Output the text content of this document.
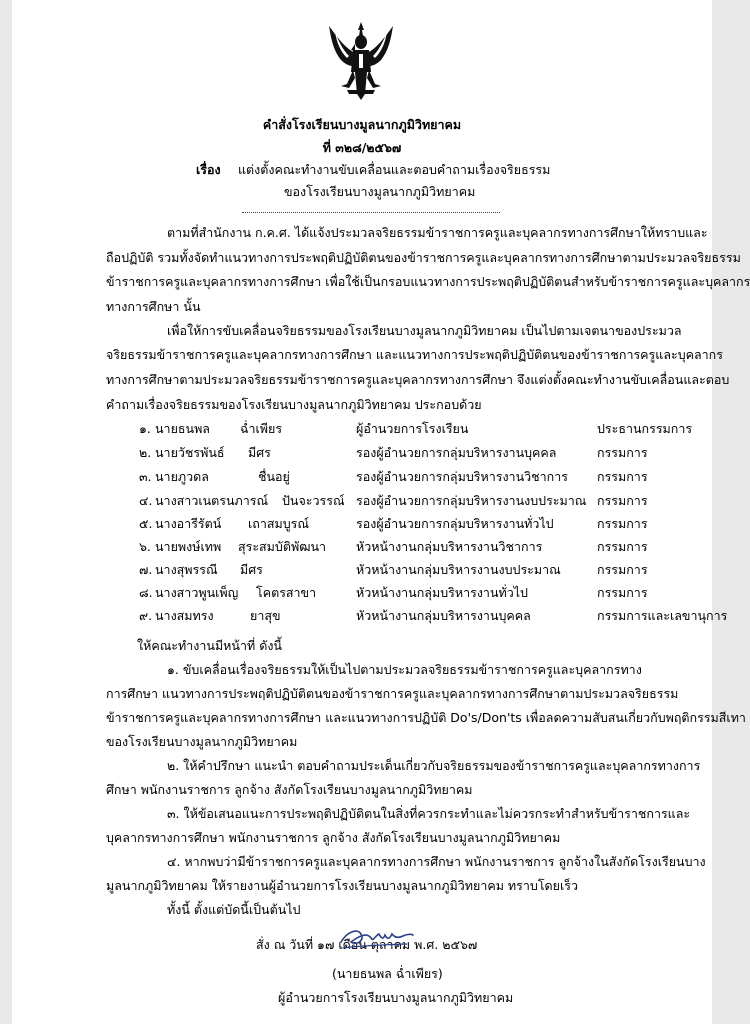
คำสั่งโรงเรียนบางมูลนากภูมิวิทยาคม
ที่ ๓๒๘/๒๕๖๗
เรื่อง แต่งตั้งคณะทำงานขับเคลื่อนและตอบคำถามเรื่องจริยธรรม
ของโรงเรียนบางมูลนากภูมิวิทยาคม
ตามที่สำนักงาน ก.ค.ศ. ได้แจ้งประมวลจริยธรรมข้าราชการครูและบุคลากรทางการศึกษาให้ทราบและ
ถือปฏิบัติ รวมทั้งจัดทำแนวทางการประพฤติปฏิบัติตนของข้าราชการครูและบุคลากรทางการศึกษาตามประมวลจริยธรรม
ข้าราชการครูและบุคลากรทางการศึกษา เพื่อใช้เป็นกรอบแนวทางการประพฤติปฏิบัติตนสำหรับข้าราชการครูและบุคลากร
ทางการศึกษา นั้น
เพื่อให้การขับเคลื่อนจริยธรรมของโรงเรียนบางมูลนากภูมิวิทยาคม เป็นไปตามเจตนาของประมวล
จริยธรรมข้าราชการครูและบุคลากรทางการศึกษา และแนวทางการประพฤติปฏิบัติตนของข้าราชการครูและบุคลากร
ทางการศึกษาตามประมวลจริยธรรมข้าราชการครูและบุคลากรทางการศึกษา จึงแต่งตั้งคณะทำงานขับเคลื่อนและตอบ
คำถามเรื่องจริยธรรมของโรงเรียนบางมูลนากภูมิวิทยาคม ประกอบด้วย
๑. นายธนพล ฉ่ำเพียร	ผู้อำนวยการโรงเรียน	ประธานกรรมการ
๒. นายวัชรพันธ์ มีศร	รองผู้อำนวยการกลุ่มบริหารงานบุคคล	กรรมการ
๓. นายภูวดล	ชื่นอยู่	รองผู้อำนวยการกลุ่มบริหารงานวิชาการ กรรมการ
๔. นางสาวเนตรนภารณ์ ปันจะวรรณ์ รองผู้อำนวยการกลุ่มบริหารงานงบประมาณ กรรมการ
๕. นางอารีรัตน์ เถาสมบูรณ์	รองผู้อำนวยการกลุ่มบริหารงานทั่วไป	กรรมการ
๖. นายพงษ์เทพ สุระสมบัติพัฒนา หัวหน้างานกลุ่มบริหารงานวิชาการ	กรรมการ
๗. นางสุพรรณี มีศร	หัวหน้างานกลุ่มบริหารงานงบประมาณ	กรรมการ
๘. นางสาวพูนเพ็ญ โคตรสาขา	หัวหน้างานกลุ่มบริหารงานทั่วไป	กรรมการ
๙. นางสมทรง	ยาสุข	หัวหน้างานกลุ่มบริหารงานบุคคล	กรรมการและเลขานุการ
ให้คณะทำงานมีหน้าที่ ดังนี้
๑. ขับเคลื่อนเรื่องจริยธรรมให้เป็นไปตามประมวลจริยธรรมข้าราชการครูและบุคลากรทาง
การศึกษา แนวทางการประพฤติปฏิบัติตนของข้าราชการครูและบุคลากรทางการศึกษาตามประมวลจริยธรรม
ข้าราชการครูและบุคลากรทางการศึกษา และแนวทางการปฏิบัติ Do's/Don'ts เพื่อลดความสับสนเกี่ยวกับพฤติกรรมสีเทา
ของโรงเรียนบางมูลนากภูมิวิทยาคม
๒. ให้คำปรึกษา แนะนำ ตอบคำถามประเด็นเกี่ยวกับจริยธรรมของข้าราชการครูและบุคลากรทางการ
ศึกษา พนักงานราชการ ลูกจ้าง สังกัดโรงเรียนบางมูลนากภูมิวิทยาคม
๓. ให้ข้อเสนอแนะการประพฤติปฏิบัติตนในสิ่งที่ควรกระทำและไม่ควรกระทำสำหรับข้าราชการและ
บุคลากรทางการศึกษา พนักงานราชการ ลูกจ้าง สังกัดโรงเรียนบางมูลนากภูมิวิทยาคม
๔. หากพบว่ามีข้าราชการครูและบุคลากรทางการศึกษา พนักงานราชการ ลูกจ้างในสังกัดโรงเรียนบาง
มูลนากภูมิวิทยาคม ให้รายงานผู้อำนวยการโรงเรียนบางมูลนากภูมิวิทยาคม ทราบโดยเร็ว
ทั้งนี้ ตั้งแต่บัดนี้เป็นต้นไป
สั่ง ณ วันที่ ๑๗ เดือน ตุลาคม พ.ศ. ๒๕๖๗
(นายธนพล ฉ่ำเพียร)
ผู้อำนวยการโรงเรียนบางมูลนากภูมิวิทยาคม
